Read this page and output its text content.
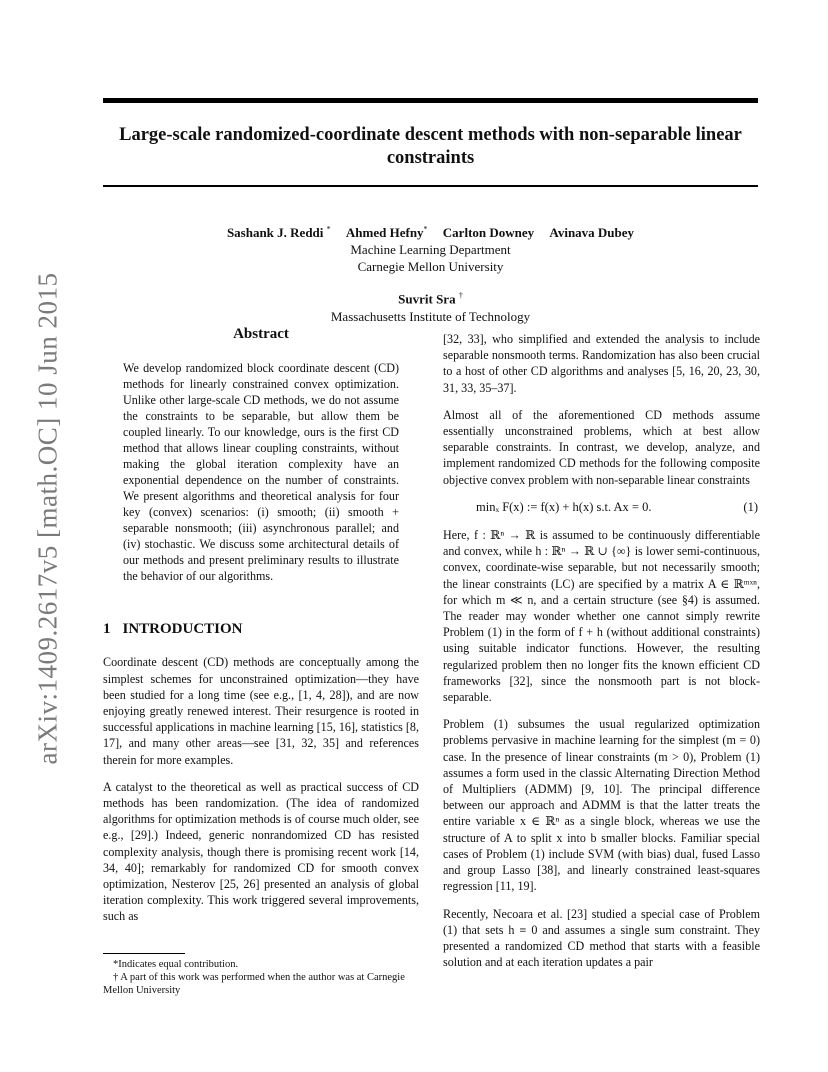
arXiv:1409.2617v5 [math.OC] 10 Jun 2015
Large-scale randomized-coordinate descent methods with non-separable linear
constraints
Sashank J. Reddi * Ahmed Hefny* Carlton Downey Avinava Dubey
Machine Learning Department
Carnegie Mellon University
Suvrit Sra †
Massachusetts Institute of Technology
Abstract
We develop randomized block coordinate descent (CD) methods for linearly constrained convex optimization. Unlike other large-scale CD methods, we do not assume the constraints to be separable, but allow them be coupled linearly. To our knowledge, ours is the first CD method that allows linear coupling constraints, without making the global iteration complexity have an exponential dependence on the number of constraints. We present algorithms and theoretical analysis for four key (convex) scenarios: (i) smooth; (ii) smooth + separable nonsmooth; (iii) asynchronous parallel; and (iv) stochastic. We discuss some architectural details of our methods and present preliminary results to illustrate the behavior of our algorithms.
1 INTRODUCTION

Coordinate descent (CD) methods are conceptually among the simplest schemes for unconstrained optimization—they have been studied for a long time (see e.g., [1, 4, 28]), and are now enjoying greatly renewed interest. Their resurgence is rooted in successful applications in machine learning [15, 16], statistics [8, 17], and many other areas—see [31, 32, 35] and references therein for more examples.

A catalyst to the theoretical as well as practical success of CD methods has been randomization. (The idea of randomized algorithms for optimization methods is of course much older, see e.g., [29].) Indeed, generic nonrandomized CD has resisted complexity analysis, though there is promising recent work [14, 34, 40]; remarkably for randomized CD for smooth convex optimization, Nesterov [25, 26] presented an analysis of global iteration complexity. This work triggered several improvements, such as

*Indicates equal contribution.
† A part of this work was performed when the author was at Carnegie Mellon University

[32, 33], who simplified and extended the analysis to include separable nonsmooth terms. Randomization has also been crucial to a host of other CD algorithms and analyses [5, 16, 20, 23, 30, 31, 33, 35–37].

Almost all of the aforementioned CD methods assume essentially unconstrained problems, which at best allow separable constraints. In contrast, we develop, analyze, and implement randomized CD methods for the following composite objective convex problem with non-separable linear constraints

minₓ F(x) := f(x) + h(x) s.t. Ax = 0.	(1)

Here, f : ℝⁿ → ℝ is assumed to be continuously differentiable and convex, while h : ℝⁿ → ℝ ∪ {∞} is lower semi-continuous, convex, coordinate-wise separable, but not necessarily smooth; the linear constraints (LC) are specified by a matrix A ∈ ℝᵐˣⁿ, for which m ≪ n, and a certain structure (see §4) is assumed. The reader may wonder whether one cannot simply rewrite Problem (1) in the form of f + h (without additional constraints) using suitable indicator functions. However, the resulting regularized problem then no longer fits the known efficient CD frameworks [32], since the nonsmooth part is not block-separable.

Problem (1) subsumes the usual regularized optimization problems pervasive in machine learning for the simplest (m = 0) case. In the presence of linear constraints (m > 0), Problem (1) assumes a form used in the classic Alternating Direction Method of Multipliers (ADMM) [9, 10]. The principal difference between our approach and ADMM is that the latter treats the entire variable x ∈ ℝⁿ as a single block, whereas we use the structure of A to split x into b smaller blocks. Familiar special cases of Problem (1) include SVM (with bias) dual, fused Lasso and group Lasso [38], and linearly constrained least-squares regression [11, 19].

Recently, Necoara et al. [23] studied a special case of Problem (1) that sets h ≡ 0 and assumes a single sum constraint. They presented a randomized CD method that starts with a feasible solution and at each iteration updates a pair
